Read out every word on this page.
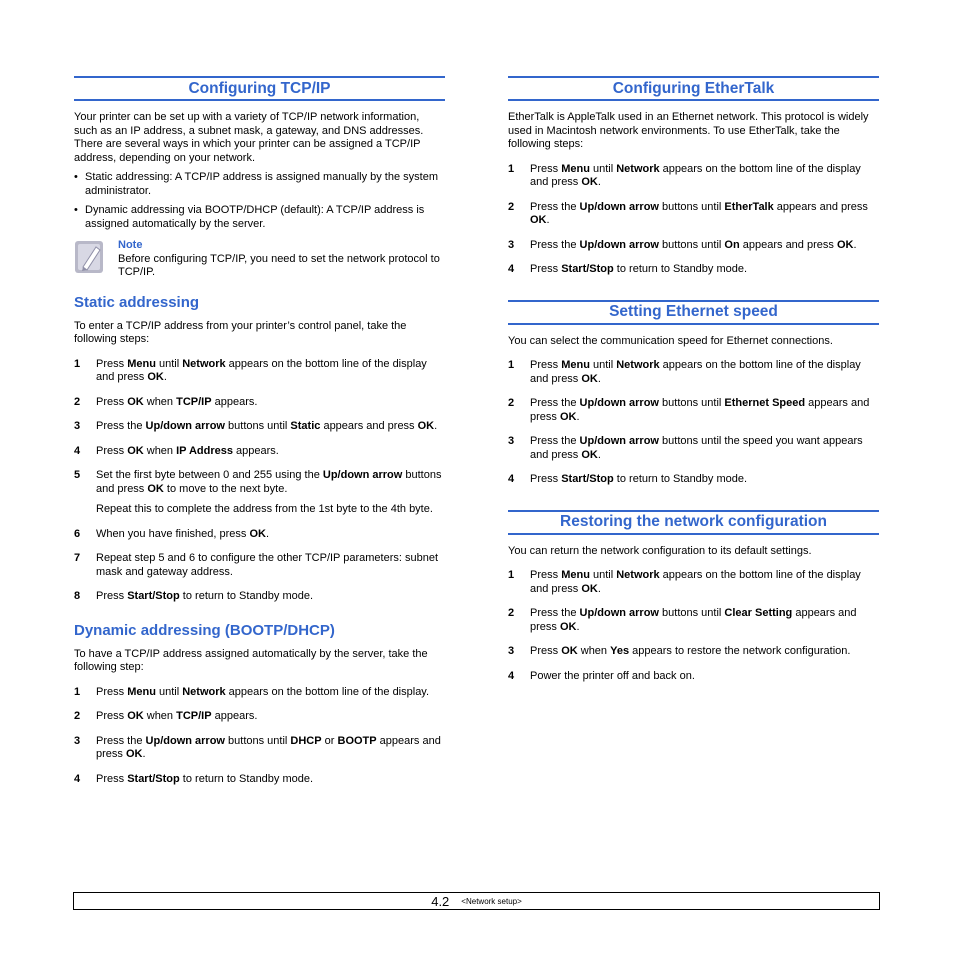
Configuring TCP/IP

Your printer can be set up with a variety of TCP/IP network information, such as an IP address, a subnet mask, a gateway, and DNS addresses. There are several ways in which your printer can be assigned a TCP/IP address, depending on your network.

• Static addressing: A TCP/IP address is assigned manually by the system administrator.
• Dynamic addressing via BOOTP/DHCP (default): A TCP/IP address is assigned automatically by the server.
Note

Before configuring TCP/IP, you need to set the network protocol to TCP/IP.

Static addressing

To enter a TCP/IP address from your printer’s control panel, take the following steps:

1	Press Menu until Network appears on the bottom line of the display and press OK.
2	Press OK when TCP/IP appears.
3	Press the Up/down arrow buttons until Static appears and press OK.
4	Press OK when IP Address appears.
5	Set the first byte between 0 and 255 using the Up/down arrow buttons and press OK to move to the next byte.
Repeat this to complete the address from the 1st byte to the 4th byte.
6	When you have finished, press OK.
7	Repeat step 5 and 6 to configure the other TCP/IP parameters: subnet mask and gateway address.
8	Press Start/Stop to return to Standby mode.
Dynamic addressing (BOOTP/DHCP)

To have a TCP/IP address assigned automatically by the server, take the following step:

1	Press Menu until Network appears on the bottom line of the display.
2	Press OK when TCP/IP appears.
3	Press the Up/down arrow buttons until DHCP or BOOTP appears and press OK.
4	Press Start/Stop to return to Standby mode.
Configuring EtherTalk

EtherTalk is AppleTalk used in an Ethernet network. This protocol is widely used in Macintosh network environments. To use EtherTalk, take the following steps:

1	Press Menu until Network appears on the bottom line of the display and press OK.
2	Press the Up/down arrow buttons until EtherTalk appears and press OK.
3	Press the Up/down arrow buttons until On appears and press OK.
4	Press Start/Stop to return to Standby mode.
Setting Ethernet speed

You can select the communication speed for Ethernet connections.

1	Press Menu until Network appears on the bottom line of the display and press OK.
2	Press the Up/down arrow buttons until Ethernet Speed appears and press OK.
3	Press the Up/down arrow buttons until the speed you want appears and press OK.
4	Press Start/Stop to return to Standby mode.
Restoring the network configuration

You can return the network configuration to its default settings.

1	Press Menu until Network appears on the bottom line of the display and press OK.
2	Press the Up/down arrow buttons until Clear Setting appears and press OK.
3	Press OK when Yes appears to restore the network configuration.
4	Power the printer off and back on.
4.2 <Network setup>
